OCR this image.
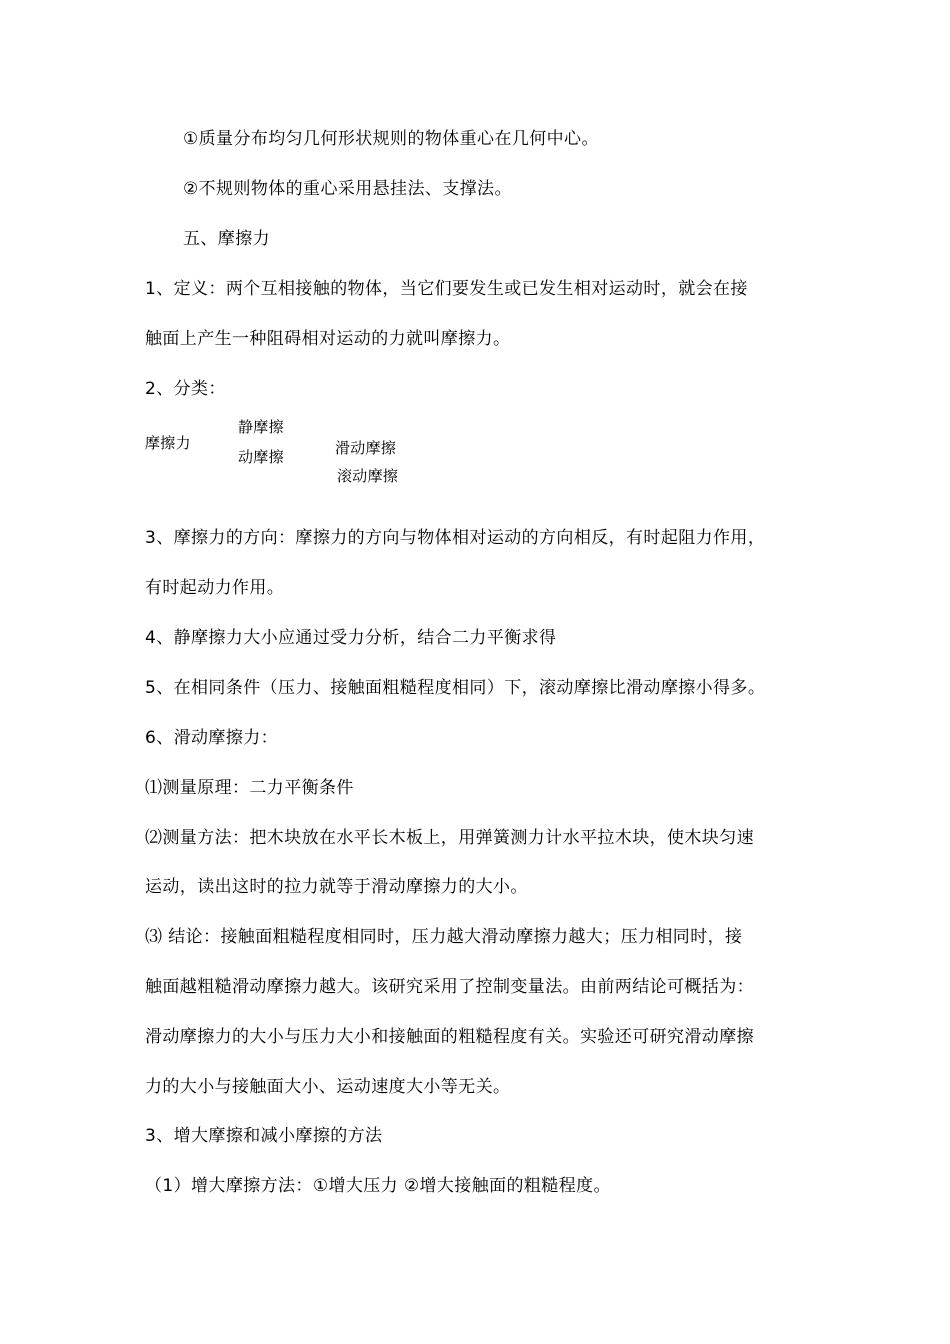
①质量分布均匀几何形状规则的物体重心在几何中心。
②不规则物体的重心采用悬挂法、支撑法。
五、摩擦力
1、定义：两个互相接触的物体，当它们要发生或已发生相对运动时，就会在接
触面上产生一种阻碍相对运动的力就叫摩擦力。
2、分类：
摩擦力
静摩擦
动摩擦	滑动摩擦
滚动摩擦
3、摩擦力的方向：摩擦力的方向与物体相对运动的方向相反，有时起阻力作用，
有时起动力作用。
4、静摩擦力大小应通过受力分析，结合二力平衡求得
5、在相同条件（压力、接触面粗糙程度相同）下，滚动摩擦比滑动摩擦小得多。
6、滑动摩擦力：
⑴测量原理：二力平衡条件
⑵测量方法：把木块放在水平长木板上，用弹簧测力计水平拉木块，使木块匀速
运动，读出这时的拉力就等于滑动摩擦力的大小。
⑶ 结论：接触面粗糙程度相同时，压力越大滑动摩擦力越大；压力相同时，接
触面越粗糙滑动摩擦力越大。该研究采用了控制变量法。由前两结论可概括为：
滑动摩擦力的大小与压力大小和接触面的粗糙程度有关。实验还可研究滑动摩擦
力的大小与接触面大小、运动速度大小等无关。
3、增大摩擦和减小摩擦的方法
（1）增大摩擦方法：①增大压力 ②增大接触面的粗糙程度。
